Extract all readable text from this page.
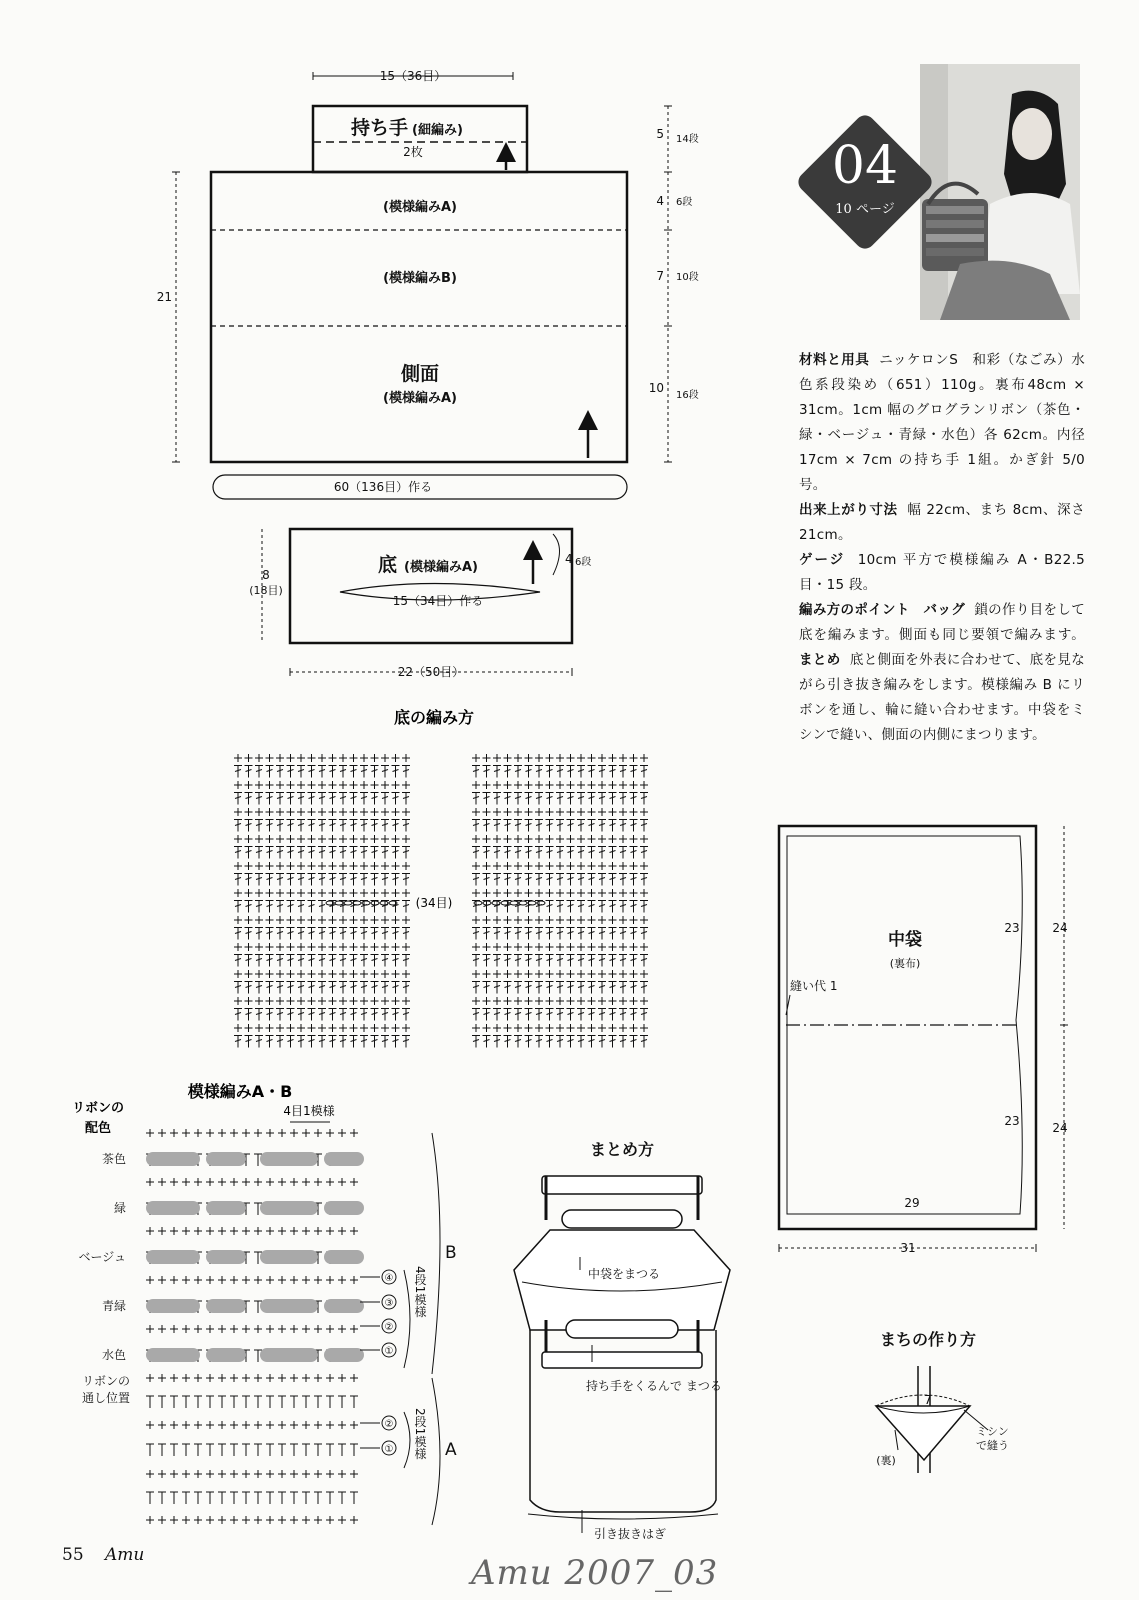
04
10 ページ

材料と用具 ニッケロンS　和彩（なごみ）水色系段染め（651）110g。裏布48cm × 31cm。1cm 幅のグログランリボン（茶色・緑・ベージュ・青緑・水色）各 62cm。内径 17cm × 7cm の持ち手 1組。かぎ針 5/0 号。

出来上がり寸法 幅 22cm、まち 8cm、深さ 21cm。

ゲージ 10cm 平方で模様編み A・B22.5 目・15 段。

編み方のポイント　バッグ 鎖の作り目をして底を編みます。側面も同じ要領で編みます。まとめ 底と側面を外表に合わせて、底を見ながら引き抜き編みをします。模様編み B にリボンを通し、輪に縫い合わせます。中袋をミシンで縫い、側面の内側にまつります。

15（36目）
持ち手 (細編み)
2枚
(模様編みA)
(模様編みB)
側面
(模様編みA)
21
5 14段
4 6段
7 10段
10
16段
60（136目）作る
底 (模様編みA)
15（34目）作る
8
(18目)
22（50目）
4 6段
底の編み方
(34目)
模様編みA・B
リボンの
配色
4目1模様
茶色
緑
ベージュ
青緑
水色
リボンの
通し位置
④
③
②
①
②
①
B
A
4段1模様
2段1模様
まとめ方
中袋をまつる
持ち手をくるんで まつる
引き抜きはぎ
中袋
(裏布)
縫い代 1
23
23
24
24
29
31
まちの作り方
7
(裏)
ミシン で縫う
55 Amu	Amu 2007_03
